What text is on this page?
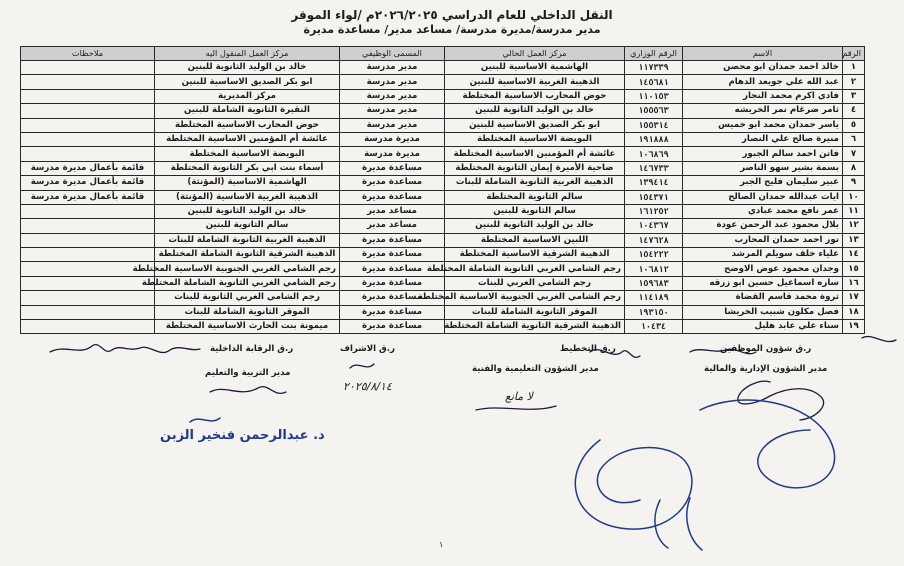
النقل الداخلي للعام الدراسي ٢٠٢٦/٢٠٢٥م /لواء الموقر
مدير مدرسة/مديرة مدرسة/ مساعد مدير/ مساعدة مديرة
الرقم	الاسم	الرقم الوزاري	مركز العمل الحالي	المسمى الوظيفي	مركز العمل المنقول اليه	ملاحظات
١	خالد احمد حمدان ابو محصن	١١٧٣٣٩	الهاشمية الاساسية للبنين	مدير مدرسة	خالد بن الوليد الثانوية للبنين	
٢	عبد الله علي جويعد الدهام	١٤٥٦٨١	الذهيبة الغربية الاساسية للبنين	مدير مدرسة	ابو بكر الصديق الاساسية للبنين	
٣	فادي اكرم محمد النجار	١١٠١٥٣	حوض المحارب الاساسية المختلطة	مدير مدرسة	مركز المديرية	
٤	ثامر ضرغام نمر الخريشه	١٥٥٥٦٣	خالد بن الوليد الثانوية للبنين	مدير مدرسة	النقيرة الثانوية الشاملة للبنين	
٥	ياسر حمدان محمد ابو خميس	١٥٥٣١٤	ابو بكر الصديق الاساسية للبنين	مدير مدرسة	حوض المحارب الاساسية المختلطة	
٦	منيرة صالح علي النصار	١٩١٨٨٨	البويضة الاساسية المختلطة	مديرة مدرسة	عائشة أم المؤمنين الاساسية المختلطة	
٧	فاتن احمد سالم الجبور	١٠٦٨٦٩	عائشة أم المؤمنين الاساسية المختلطة	مديرة مدرسة	البويضة الاساسية المختلطة	
٨	بسمة بشير سهو الناصر	١٤٦٧٣٣	ضاحية الأميرة إيمان الثانوية المختلطة	مساعدة مديرة	أسماء بنت ابي بكر الثانوية المختلطة	قائمة بأعمال مديرة مدرسة
٩	عبير سليمان فليح الجبر	١٣٩٤١٤	الذهيبة الغربية الثانوية الشاملة للبنات	مساعدة مديرة	الهاشمية الاساسية (المؤنثة)	قائمة بأعمال مديرة مدرسة
١٠	ايات عبدالله حمدان الصالح	١٥٤٣٧١	سالم الثانوية المختلطة	مساعدة مديرة	الذهيبة الغربية الاساسية (المؤنثة)	قائمة بأعمال مديرة مدرسة
١١	عمر نافع محمد عبادي	١٦١٢٥٢	سالم الثانوية للبنين	مساعد مدير	خالد بن الوليد الثانوية للبنين	
١٢	بلال محمود عبد الرحمن عودة	١٠٤٣٦٧	خالد بن الوليد الثانوية للبنين	مساعد مدير	سالم الثانوية للبنين	
١٣	نور احمد حمدان المحارب	١٤٧٦٢٨	اللبين الاساسية المختلطة	مساعدة مديرة	الذهيبة الغربية الثانوية الشاملة للبنات	
١٤	علياء خلف سويلم المرشد	١٥٤٢٢٢	الذهيبة الشرقية الاساسية المختلطة	مساعدة مديرة	الذهيبة الشرقية الثانوية الشاملة المختلطة	
١٥	وجدان محمود عوض الاوضح	١٠٦٨١٢	رجم الشامي الغربي الثانوية الشاملة المختلطة	مساعدة مديرة	رجم الشامي الغربي الجنوبية الاساسية المختلطة	
١٦	ساره اسماعيل حسين ابو زرقه	١٥٩٦٨٣	رجم الشامي الغربي للبنات	مساعدة مديرة	رجم الشامي الغربي الثانوية الشاملة المختلطة	
١٧	ثروة محمد قاسم القضاة	١١٤١٨٩	رجم الشامي الغربي الجنوبية الاساسية المختلطة	مساعدة مديرة	رجم الشامي الغربي الثانوية للبنات	
١٨	فصل مكلون شبيب الخريشا	١٩٣١٥٠	الموقر الثانوية الشاملة للبنات	مساعدة مديرة	الموقر الثانوية الشاملة للبنات	
١٩	سناء علي عابد هليل	١٠٤٣٤	الذهيبة الشرقية الثانوية الشاملة المختلطة	مساعدة مديرة	ميمونة بنت الحارث الاساسية المختلطة	
ر.ق شؤون الموظفين
ر.ق التخطيط
ر.ق الاشراف
ر.ق الرقابة الداخلية
مدير الشؤون الإدارية والمالية
مدير الشؤون التعليمية والفنية
مدير التربية والتعليم
٢٠٢٥/٨/١٤
لا مانع
د. عبدالرحمن فنخير الزبن
١
